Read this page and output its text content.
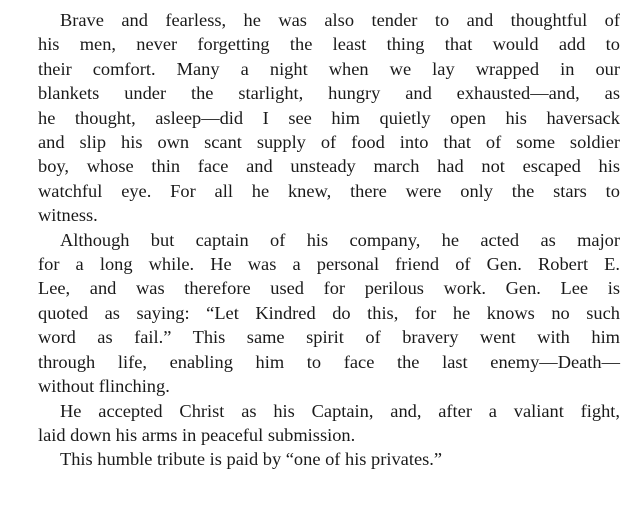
Brave and fearless, he was also tender to and thoughtful of
his men, never forgetting the least thing that would add to
their comfort. Many a night when we lay wrapped in our
blankets under the starlight, hungry and exhausted—and, as
he thought, asleep—did I see him quietly open his haversack
and slip his own scant supply of food into that of some soldier
boy, whose thin face and unsteady march had not escaped his
watchful eye. For all he knew, there were only the stars to
witness.
Although but captain of his company, he acted as major
for a long while. He was a personal friend of Gen. Robert E.
Lee, and was therefore used for perilous work. Gen. Lee is
quoted as saying: “Let Kindred do this, for he knows no such
word as fail.” This same spirit of bravery went with him
through life, enabling him to face the last enemy—Death—
without flinching.
He accepted Christ as his Captain, and, after a valiant fight,
laid down his arms in peaceful submission.
This humble tribute is paid by “one of his privates.”
